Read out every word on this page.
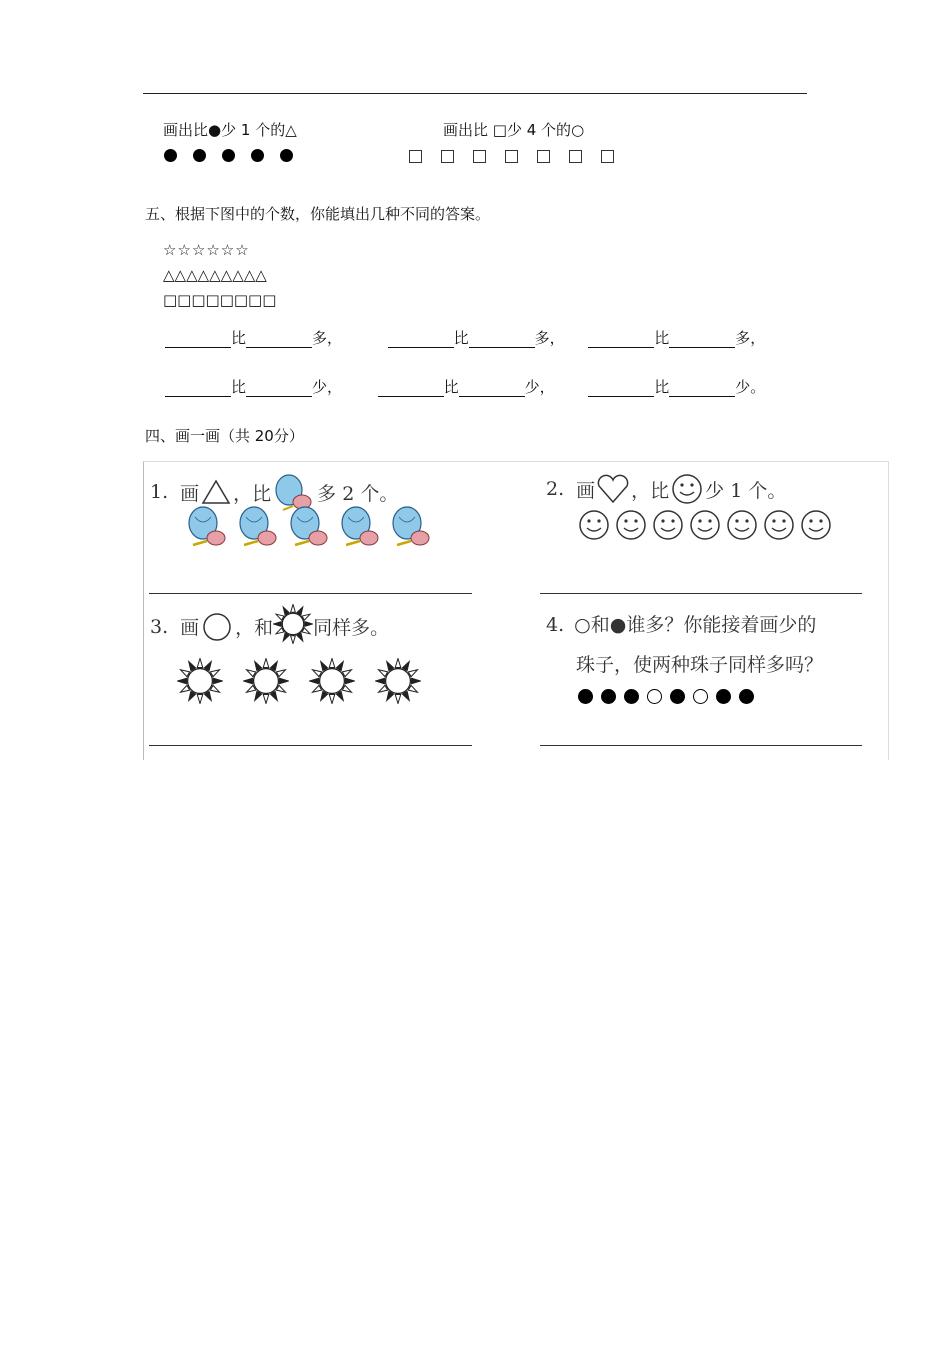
画出比●少 1 个的△	画出比 □少 4 个的○
五、根据下图中的个数，你能填出几种不同的答案。
☆☆☆☆☆☆
△△△△△△△△△
□□□□□□□□
比	多，	比	多，	比	多，
比	少，	比	少，	比	少。
四、画一画（共 20分）
1. 画 ，比 多 2 个。	2. 画 ，比 少 1 个。
3. 画 ，和 同样多。	4. ○和●谁多？你能接着画少的
珠子，使两种珠子同样多吗？
